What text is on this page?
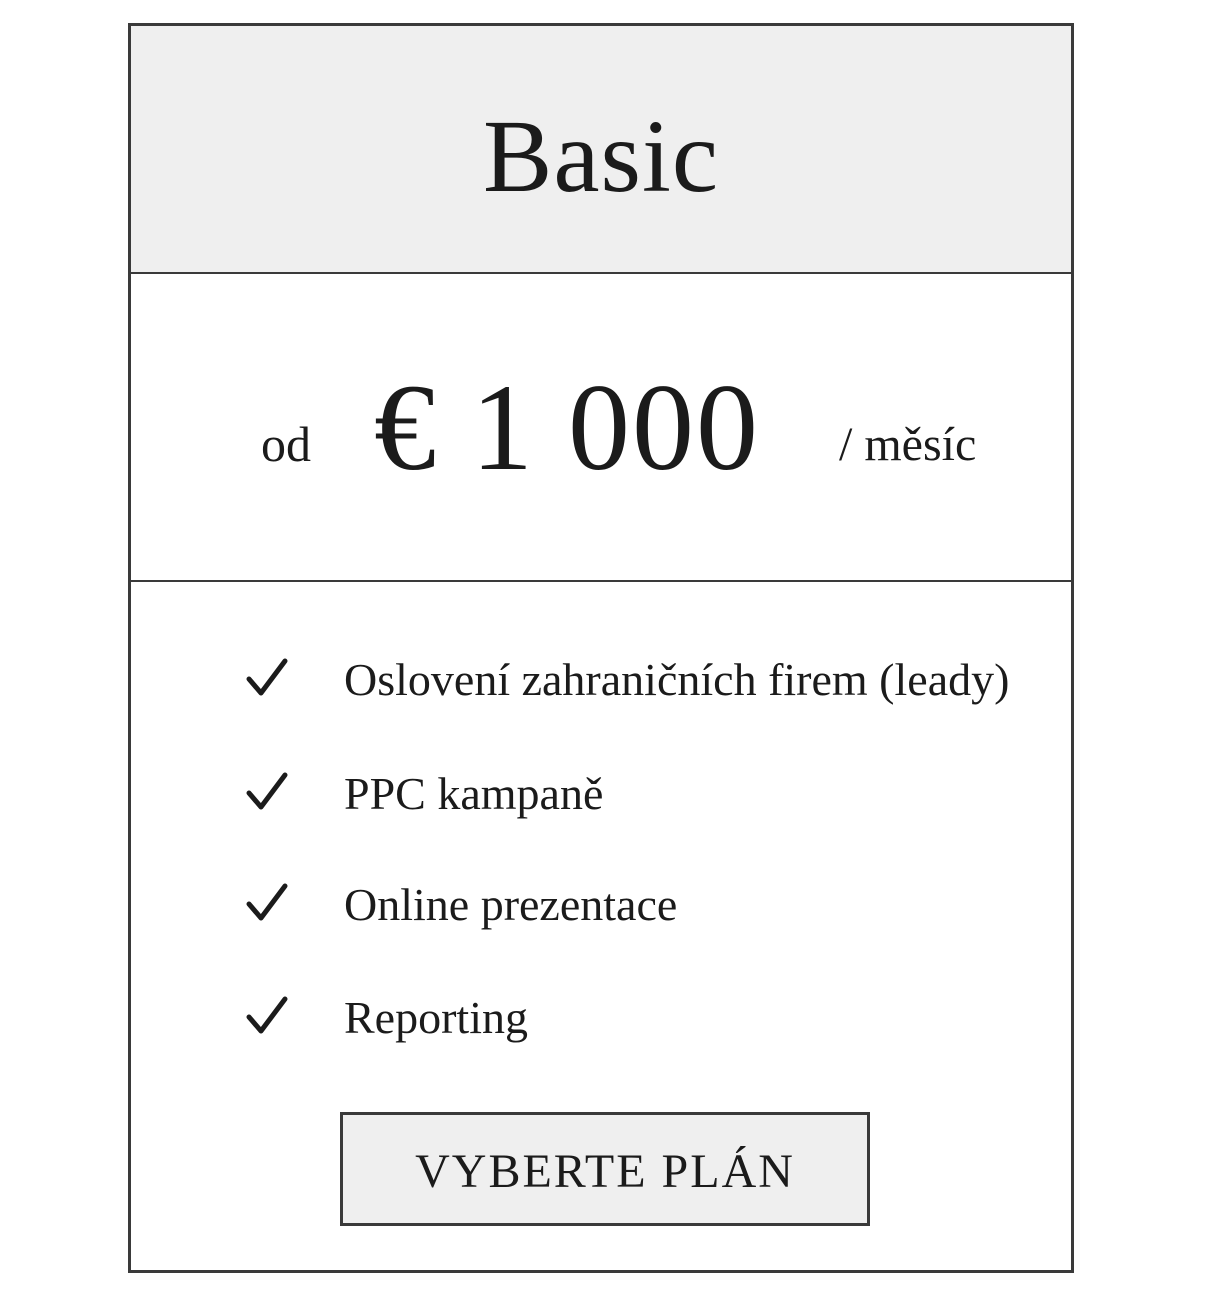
Basic
od € 1 000 / měsíc
Oslovení zahraničních firem (leady)
PPC kampaně
Online prezentace
Reporting
VYBERTE PLÁN
